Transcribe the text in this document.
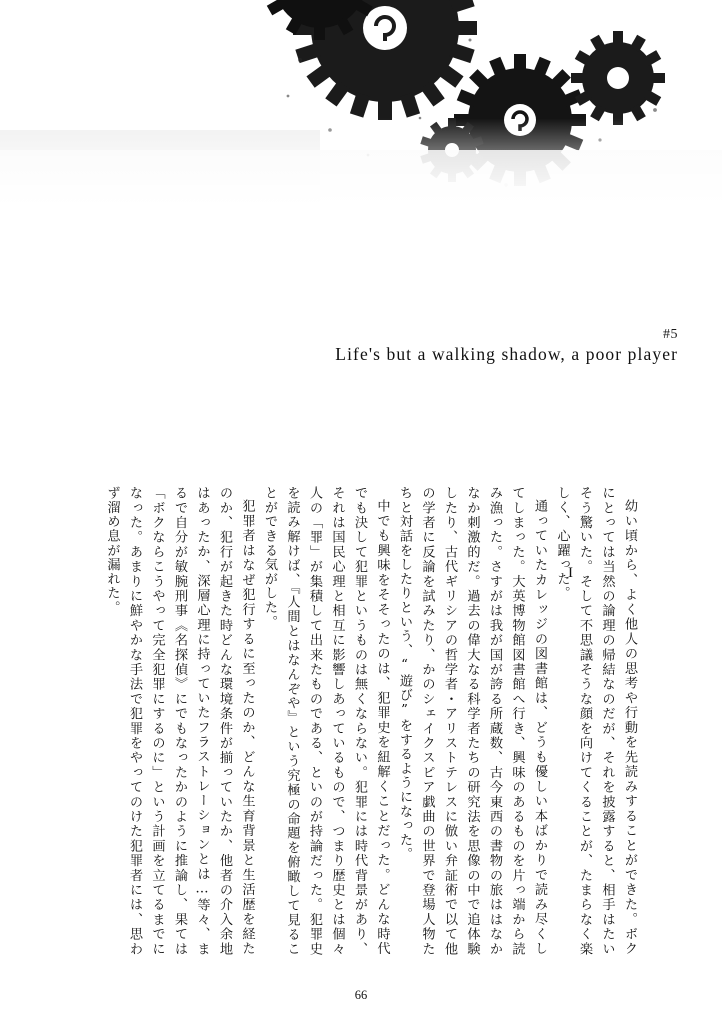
#5
Life's but a walking shadow, a poor player
I	幼い頃から、よく他人の思考や行動を先読みすることができた。ボクにとっては当然の論理の帰結なのだが、それを披露すると、相手はたいそう驚いた。そして不思議そうな顔を向けてくることが、たまらなく楽しく、心躍った。

通っていたカレッジの図書館は、どうも優しい本ばかりで読み尽くしてしまった。大英博物館図書館へ行き、興味のあるものを片っ端から読み漁った。さすがは我が国が誇る所蔵数、古今東西の書物の旅ははなかなか刺激的だ。過去の偉大なる科学者たちの研究法を思像の中で追体験したり、古代ギリシアの哲学者・アリストテレスに倣い弁証術で以て他の学者に反論を試みたり、かのシェイクスピア戯曲の世界で登場人物たちと対話をしたりという、“遊び”をするようになった。

中でも興味をそそったのは、犯罪史を紐解くことだった。どんな時代でも決して犯罪というものは無くならない。犯罪には時代背景があり、それは国民心理と相互に影響しあっているもので、つまり歴史とは個々人の「罪」が集積して出来たものである、といのが持論だった。犯罪史を読み解けば、『人間とはなんぞや』という究極の命題を俯瞰して見ることができる気がした。

犯罪者はなぜ犯行するに至ったのか、どんな生育背景と生活歴を経たのか、犯行が起きた時どんな環境条件が揃っていたか、他者の介入余地はあったか、深層心理に持っていたフラストレーションとは…等々、まるで自分が敏腕刑事《名探偵》にでもなったかのように推論し、果ては「ボクならこうやって完全犯罪にするのに」という計画を立てるまでになった。あまりに鮮やかな手法で犯罪をやってのけた犯罪者には、思わず溜め息が漏れた。

66
